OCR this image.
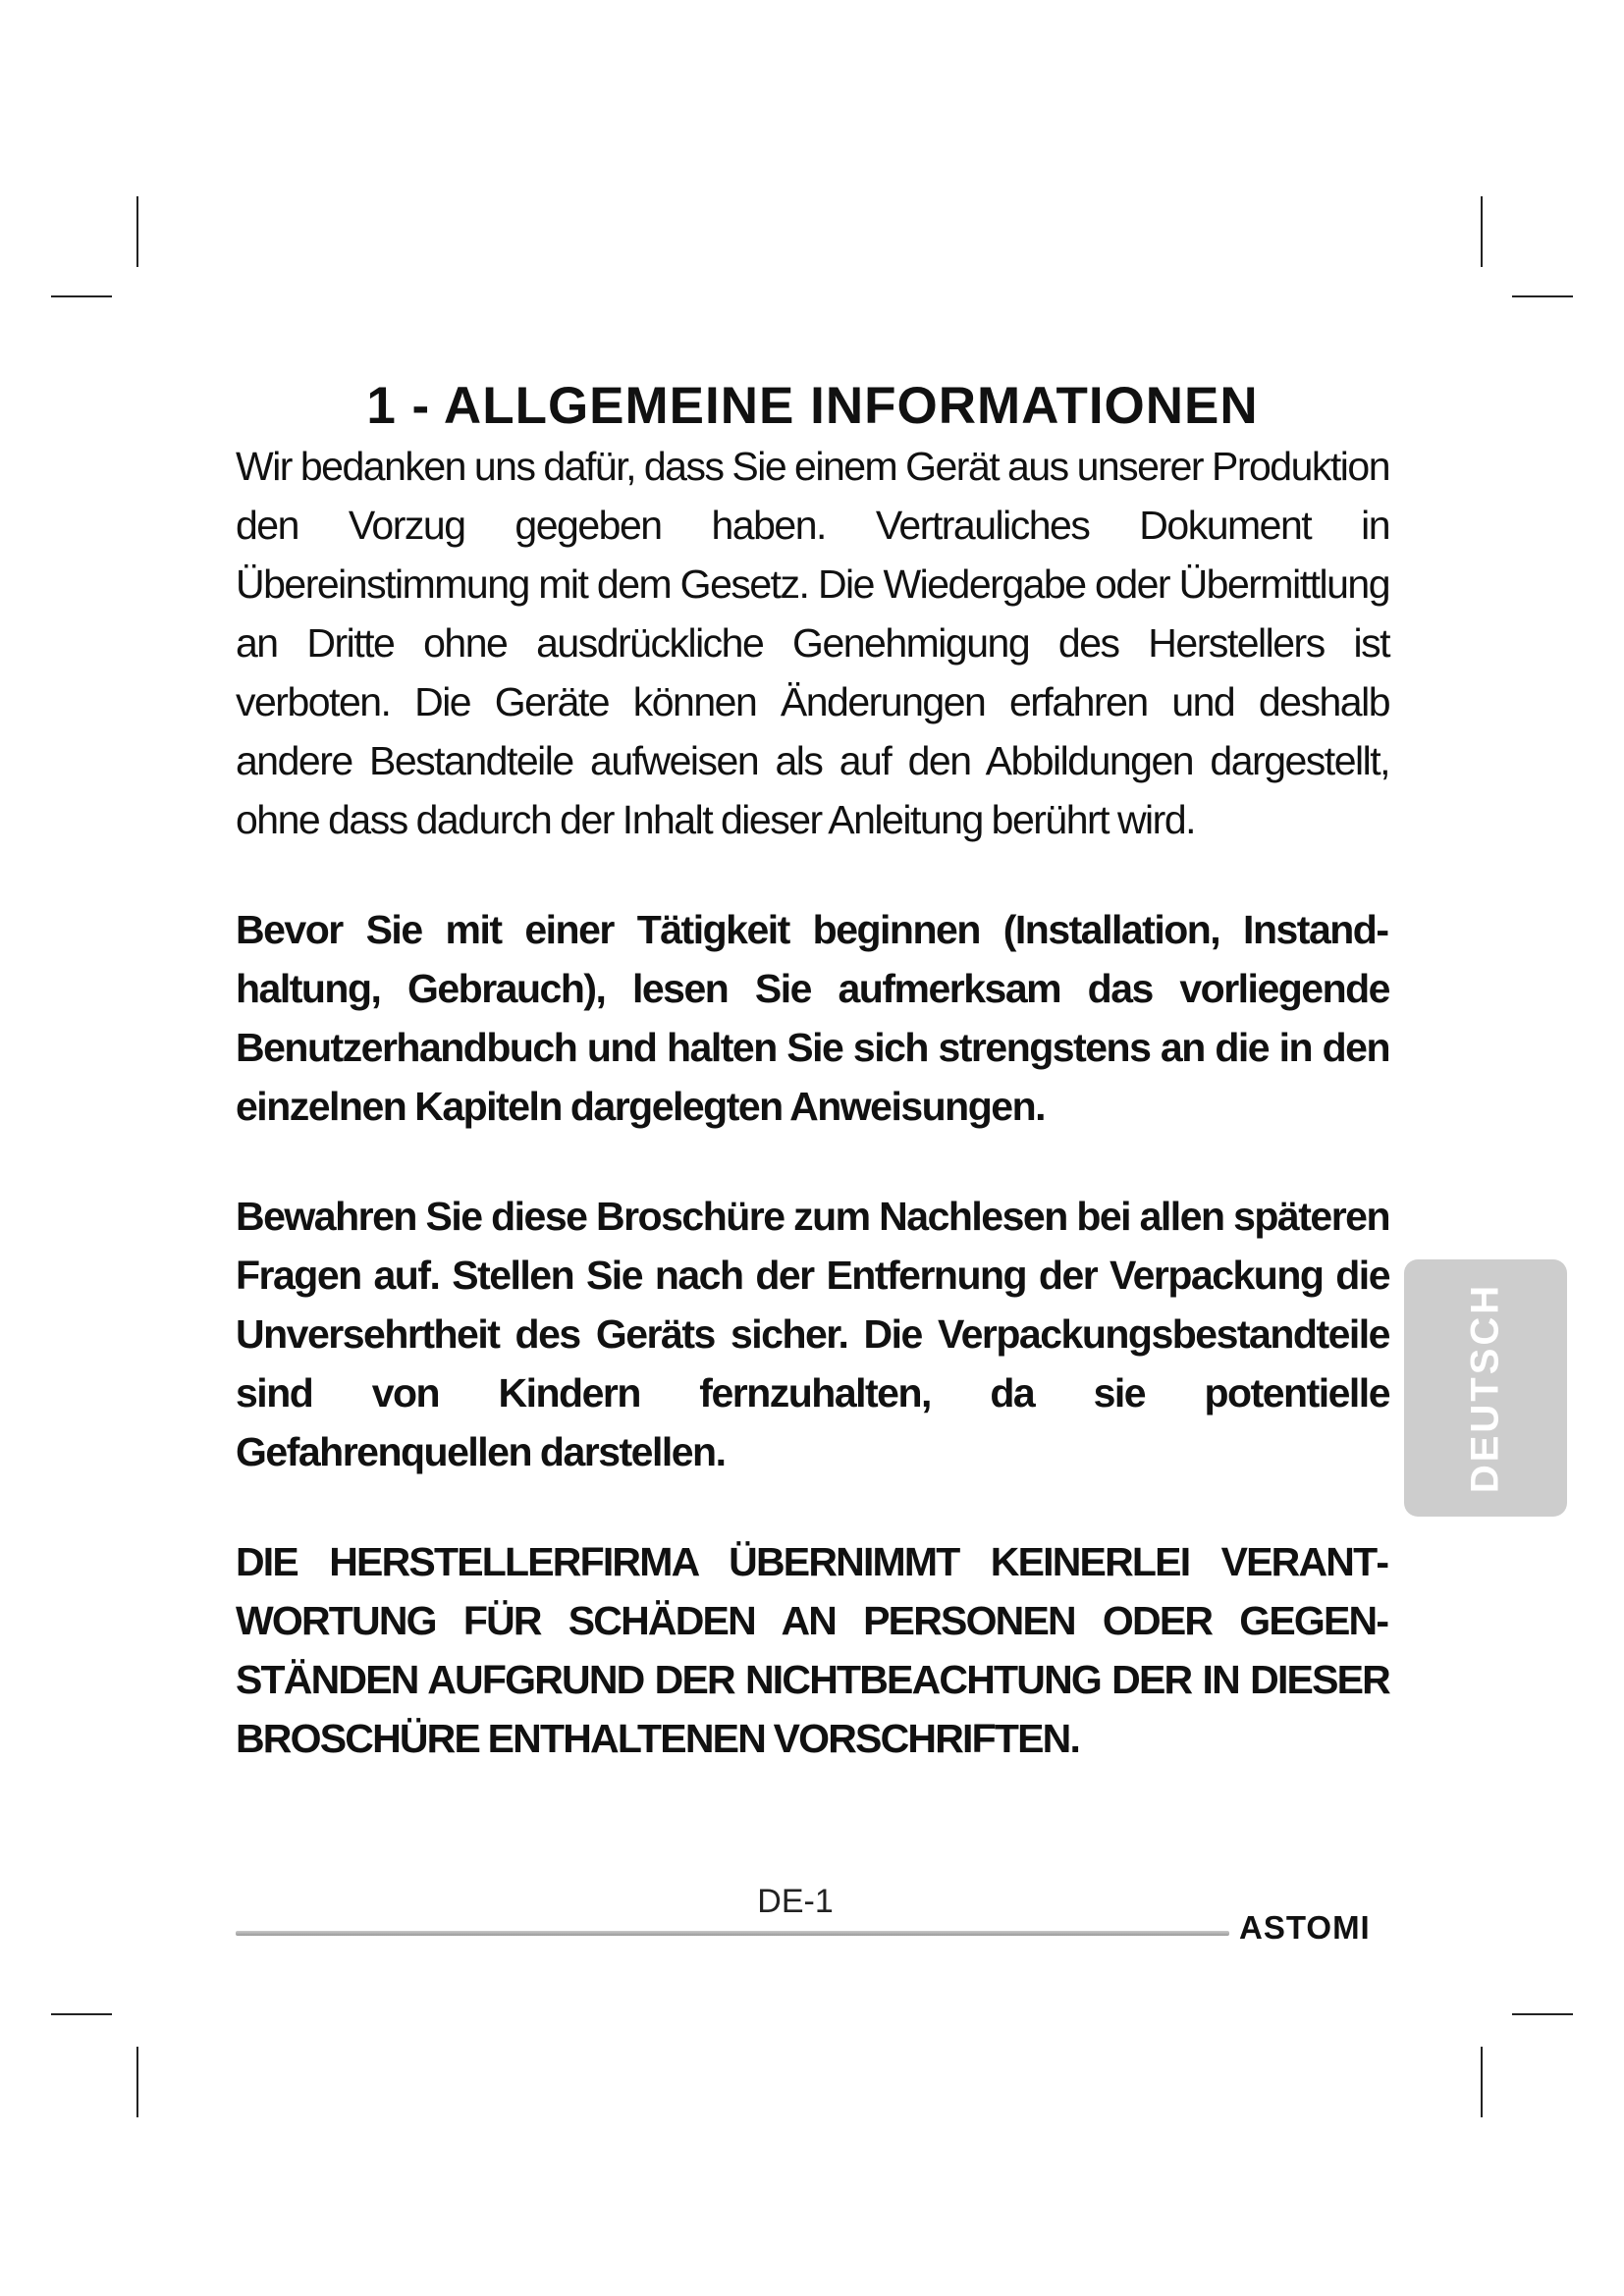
1 - ALLGEMEINE INFORMATIONEN

Wir bedanken uns dafür, dass Sie einem Gerät aus unserer Produktion den Vorzug gegeben haben. Vertrauliches Dokument in Übereinstimmung mit dem Gesetz. Die Wiedergabe oder Übermittlung an Dritte ohne ausdrückliche Genehmigung des Herstellers ist verboten. Die Geräte können Änderungen erfahren und deshalb andere Bestandteile aufweisen als auf den Abbildungen dargestellt, ohne dass dadurch der Inhalt dieser Anleitung berührt wird.

Bevor Sie mit einer Tätigkeit beginnen (Installation, Instandhaltung, Gebrauch), lesen Sie aufmerksam das vorliegende Benutzerhandbuch und halten Sie sich strengstens an die in den einzelnen Kapiteln dargelegten Anweisungen.

Bewahren Sie diese Broschüre zum Nachlesen bei allen späteren Fragen auf. Stellen Sie nach der Entfernung der Verpackung die Unversehrtheit des Geräts sicher. Die Verpackungsbestandteile sind von Kindern fernzuhalten, da sie potentielle Gefahrenquellen darstellen.

DIE HERSTELLERFIRMA ÜBERNIMMT KEINERLEI VERANTWORTUNG FÜR SCHÄDEN AN PERSONEN ODER GEGENSTÄNDEN AUFGRUND DER NICHTBEACHTUNG DER IN DIESER BROSCHÜRE ENTHALTENEN VORSCHRIFTEN.

DEUTSCH
DE-1
ASTOMI
